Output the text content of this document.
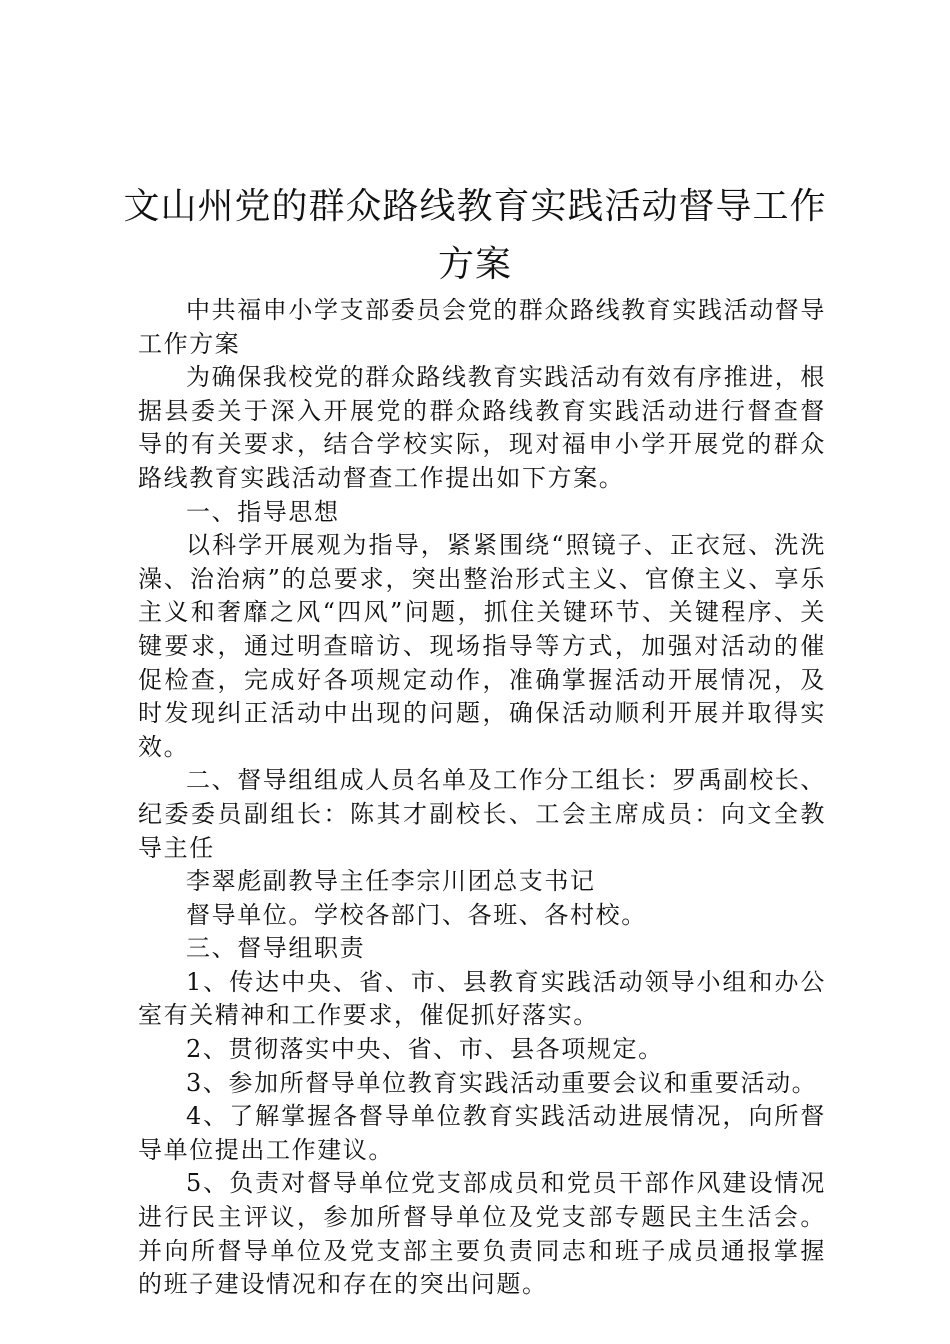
文山州党的群众路线教育实践活动督导工作方案

中共福申小学支部委员会党的群众路线教育实践活动督导工作方案

为确保我校党的群众路线教育实践活动有效有序推进，根据县委关于深入开展党的群众路线教育实践活动进行督查督导的有关要求，结合学校实际，现对福申小学开展党的群众路线教育实践活动督查工作提出如下方案。

一、指导思想

以科学开展观为指导，紧紧围绕“照镜子、正衣冠、洗洗澡、治治病”的总要求，突出整治形式主义、官僚主义、享乐主义和奢靡之风“四风”问题，抓住关键环节、关键程序、关键要求，通过明查暗访、现场指导等方式，加强对活动的催促检查，完成好各项规定动作，准确掌握活动开展情况，及时发现纠正活动中出现的问题，确保活动顺利开展并取得实效。

二、督导组组成人员名单及工作分工组长：罗禹副校长、纪委委员副组长：陈其才副校长、工会主席成员：向文全教导主任

李翠彪副教导主任李宗川团总支书记

督导单位。学校各部门、各班、各村校。

三、督导组职责

1、传达中央、省、市、县教育实践活动领导小组和办公室有关精神和工作要求，催促抓好落实。

2、贯彻落实中央、省、市、县各项规定。

3、参加所督导单位教育实践活动重要会议和重要活动。

4、了解掌握各督导单位教育实践活动进展情况，向所督导单位提出工作建议。

5、负责对督导单位党支部成员和党员干部作风建设情况进行民主评议，参加所督导单位及党支部专题民主生活会。并向所督导单位及党支部主要负责同志和班子成员通报掌握的班子建设情况和存在的突出问题。
